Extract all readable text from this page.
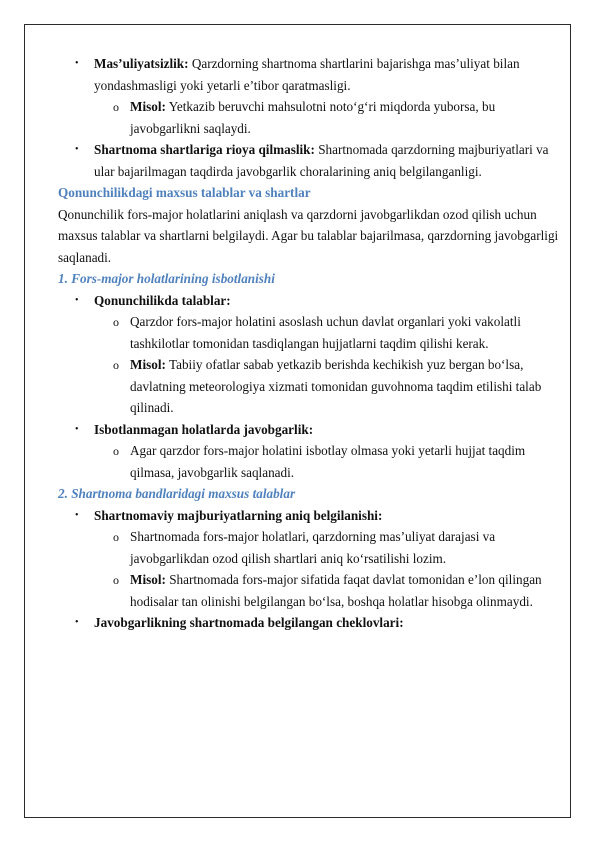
• Mas’uliyatsizlik: Qarzdorning shartnoma shartlarini bajarishga mas’uliyat bilan yondashmasligi yoki yetarli e’tibor qaratmasligi.
o Misol: Yetkazib beruvchi mahsulotni noto‘g‘ri miqdorda yuborsa, bu javobgarlikni saqlaydi.
• Shartnoma shartlariga rioya qilmaslik: Shartnomada qarzdorning majburiyatlari va ular bajarilmagan taqdirda javobgarlik choralarining aniq belgilanganligi.
Qonunchilikdagi maxsus talablar va shartlar
Qonunchilik fors-major holatlarini aniqlash va qarzdorni javobgarlikdan ozod qilish uchun maxsus talablar va shartlarni belgilaydi. Agar bu talablar bajarilmasa, qarzdorning javobgarligi saqlanadi.
1. Fors-major holatlarining isbotlanishi
• Qonunchilikda talablar:
o Qarzdor fors-major holatini asoslash uchun davlat organlari yoki vakolatli tashkilotlar tomonidan tasdiqlangan hujjatlarni taqdim qilishi kerak.
o Misol: Tabiiy ofatlar sabab yetkazib berishda kechikish yuz bergan bo‘lsa, davlatning meteorologiya xizmati tomonidan guvohnoma taqdim etilishi talab qilinadi.
• Isbotlanmagan holatlarda javobgarlik:
o Agar qarzdor fors-major holatini isbotlay olmasa yoki yetarli hujjat taqdim qilmasa, javobgarlik saqlanadi.
2. Shartnoma bandlaridagi maxsus talablar
• Shartnomaviy majburiyatlarning aniq belgilanishi:
o Shartnomada fors-major holatlari, qarzdorning mas’uliyat darajasi va javobgarlikdan ozod qilish shartlari aniq ko‘rsatilishi lozim.
o Misol: Shartnomada fors-major sifatida faqat davlat tomonidan e’lon qilingan hodisalar tan olinishi belgilangan bo‘lsa, boshqa holatlar hisobga olinmaydi.
• Javobgarlikning shartnomada belgilangan cheklovlari:
